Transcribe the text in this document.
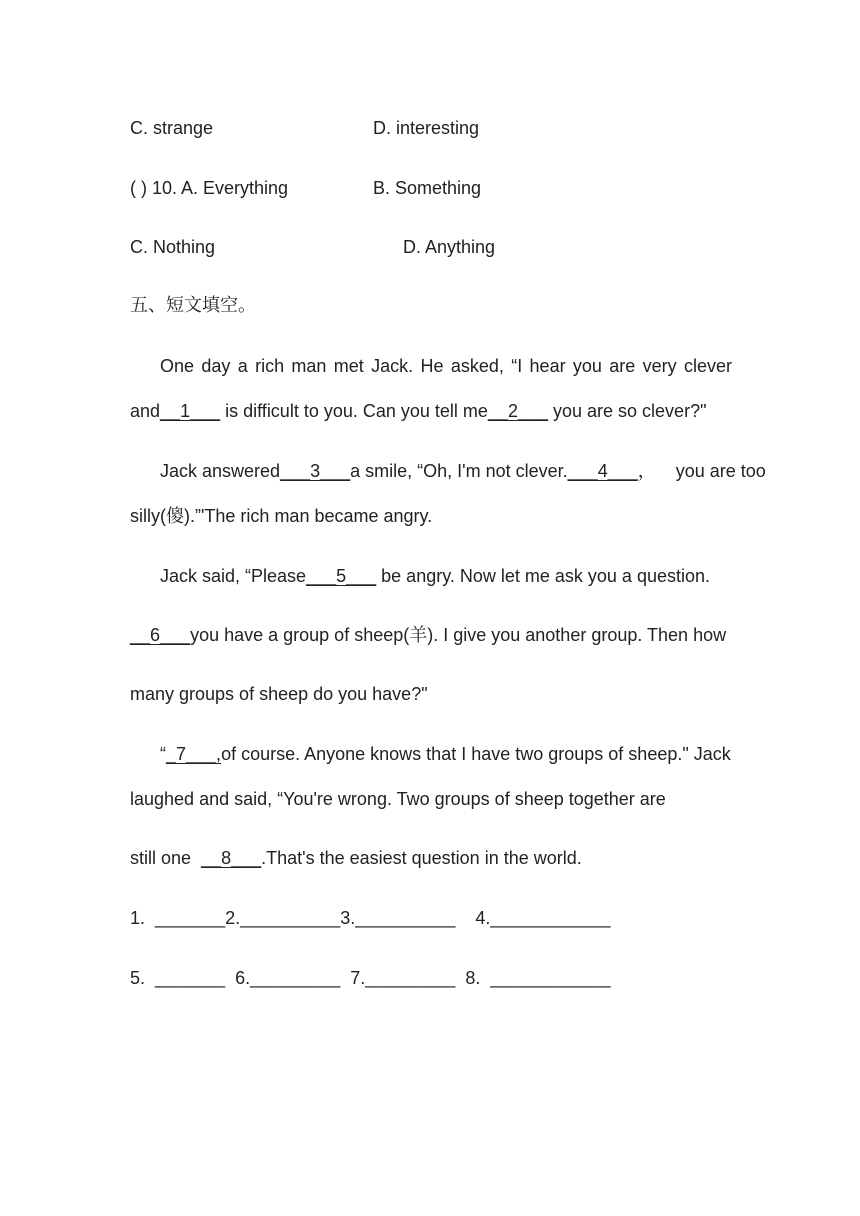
C. strange	D. interesting
( ) 10. A. Everything	B. Something
C. Nothing	D. Anything
五、短文填空。
One day a rich man met Jack. He asked, “I hear you are very clever
and__1___ is difficult to you. Can you tell me__2___ you are so clever?"
Jack answered___3___a smile, “Oh, I'm not clever.___4___，    you are too
silly(傻).”'The rich man became angry.
Jack said, “Please___5___ be angry. Now let me ask you a question.
__6___you have a group of sheep(羊). I give you another group. Then how
many groups of sheep do you have?"
“_7___,of course. Anyone knows that I have two groups of sheep." Jack
laughed and said, “You're wrong. Two groups of sheep together are
still one  __8___.That's the easiest question in the world.
1.  _______2.__________3.__________ 4.____________
5.  _______ 6._________ 7._________ 8.  ____________
